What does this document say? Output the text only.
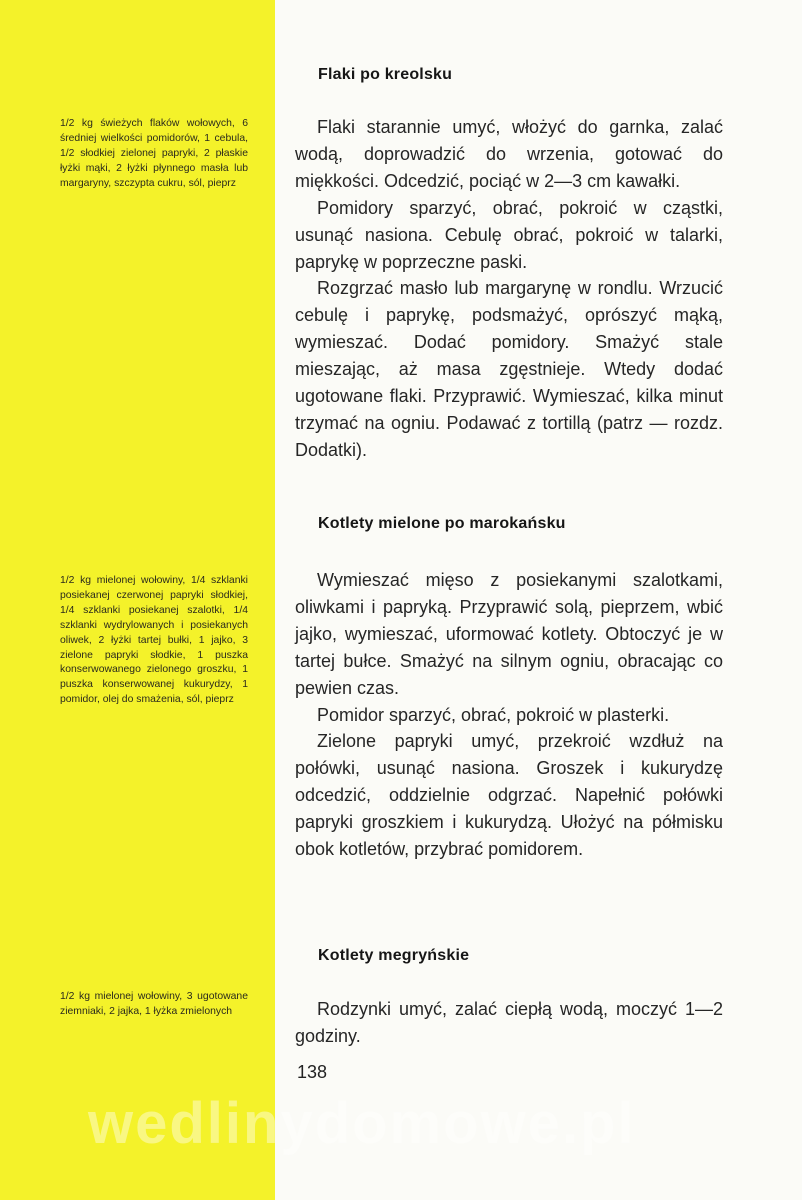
1/2 kg świeżych flaków wołowych, 6 średniej wielkości pomidorów, 1 cebula, 1/2 słodkiej zielonej papryki, 2 płaskie łyżki mąki, 2 łyżki płynnego masła lub margaryny, szczypta cukru, sól, pieprz

1/2 kg mielonej wołowiny, 1/4 szklanki posiekanej czerwonej papryki słodkiej, 1/4 szklanki posiekanej szalotki, 1/4 szklanki wydrylowanych i posiekanych oliwek, 2 łyżki tartej bułki, 1 jajko, 3 zielone papryki słodkie, 1 puszka konserwowanego zielonego groszku, 1 puszka konserwowanej kukurydzy, 1 pomidor, olej do smażenia, sól, pieprz

1/2 kg mielonej wołowiny, 3 ugotowane ziemniaki, 2 jajka, 1 łyżka zmielonych

Flaki po kreolsku

Flaki starannie umyć, włożyć do garnka, zalać wodą, doprowadzić do wrzenia, gotować do miękkości. Odcedzić, pociąć w 2—3 cm kawałki.

Pomidory sparzyć, obrać, pokroić w cząstki, usunąć nasiona. Cebulę obrać, pokroić w talarki, paprykę w poprzeczne paski.

Rozgrzać masło lub margarynę w rondlu. Wrzucić cebulę i paprykę, podsmażyć, oprószyć mąką, wymieszać. Dodać pomidory. Smażyć stale mieszając, aż masa zgęstnieje. Wtedy dodać ugotowane flaki. Przyprawić. Wymieszać, kilka minut trzymać na ogniu. Podawać z tortillą (patrz — rozdz. Dodatki).

Kotlety mielone po marokańsku

Wymieszać mięso z posiekanymi szalotkami, oliwkami i papryką. Przyprawić solą, pieprzem, wbić jajko, wymieszać, uformować kotlety. Obtoczyć je w tartej bułce. Smażyć na silnym ogniu, obracając co pewien czas.

Pomidor sparzyć, obrać, pokroić w plasterki.

Zielone papryki umyć, przekroić wzdłuż na połówki, usunąć nasiona. Groszek i kukurydzę odcedzić, oddzielnie odgrzać. Napełnić połówki papryki groszkiem i kukurydzą. Ułożyć na półmisku obok kotletów, przybrać pomidorem.

Kotlety megryńskie

Rodzynki umyć, zalać ciepłą wodą, moczyć 1—2 godziny.

138
wedlinydomowe.pl
